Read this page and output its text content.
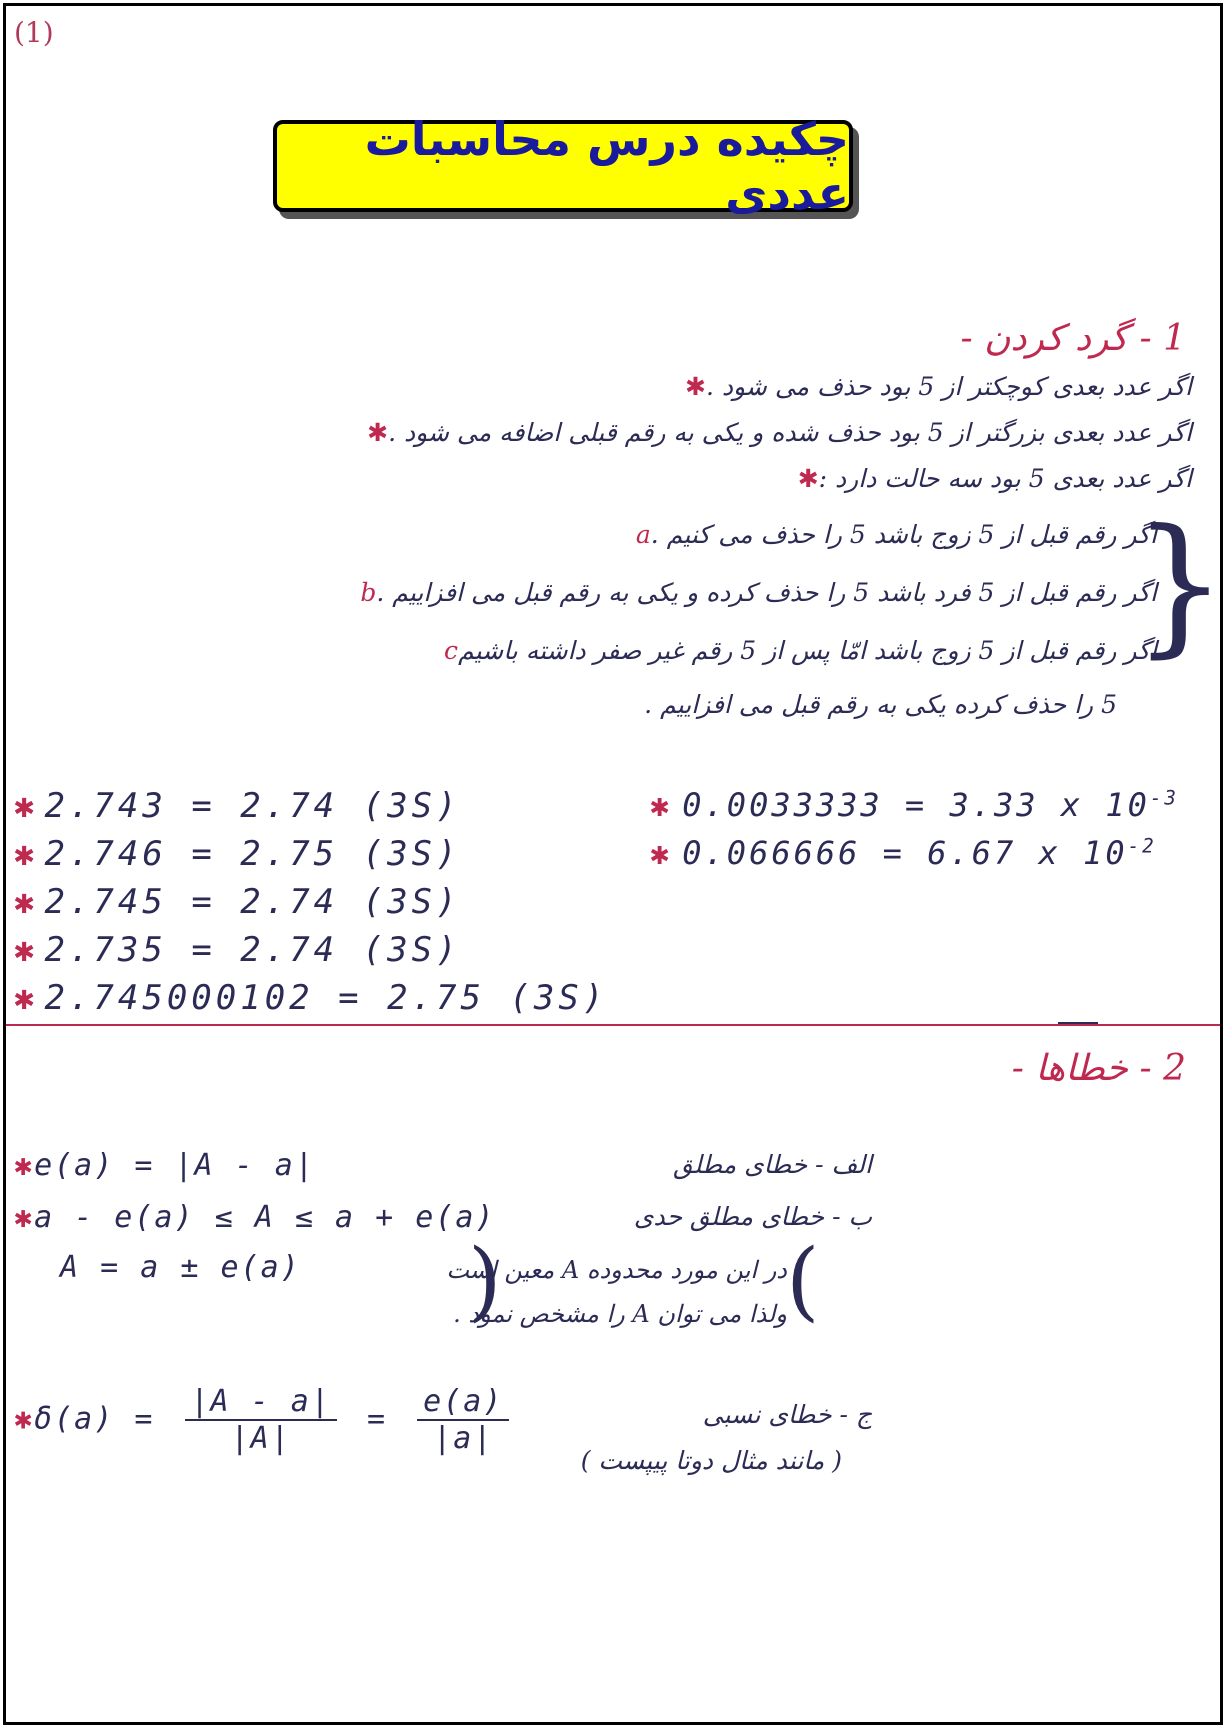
(1)
چکیده درس محاسبات عددی
1 - گرد کردن -
اگر عدد بعدی کوچکتر از 5 بود حذف می شود .✱
اگر عدد بعدی بزرگتر از 5 بود حذف شده و یکی به رقم قبلی اضافه می شود .✱
اگر عدد بعدی 5 بود سه حالت دارد :✱
اگر رقم قبل از 5 زوج باشد 5 را حذف می کنیم .a
اگر رقم قبل از 5 فرد باشد 5 را حذف کرده و یکی به رقم قبل می افزاییم .b
اگر رقم قبل از 5 زوج باشد امّا پس از 5 رقم غیر صفر داشته باشیمc
5 را حذف کرده یکی به رقم قبل می افزاییم .
}
✱ 2.743 = 2.74 (3S)
✱ 2.746 = 2.75 (3S)
✱ 2.745 = 2.74 (3S)
✱ 2.735 = 2.74 (3S)
✱ 2.745000102 = 2.75 (3S)
✱ 0.0033333 = 3.33 x $10^{-3}$
✱ 0.066666 = 6.67 x $10^{-2}$
2 - خطاها -
✱e(a) = |A - a|	الف - خطای مطلق
✱a - e(a) ≤ A ≤ a + e(a)	ب - خطای مطلق حدی
A = a ± e(a)	(
در این مورد محدوده A معین است
ولذا می توان A را مشخص نمود .
)
✱δ(a) = $\frac{|A - a|}{|A|} = \frac{e(a)}{|a|}$	ج - خطای نسبی
( مانند مثال دوتا پیپست )
